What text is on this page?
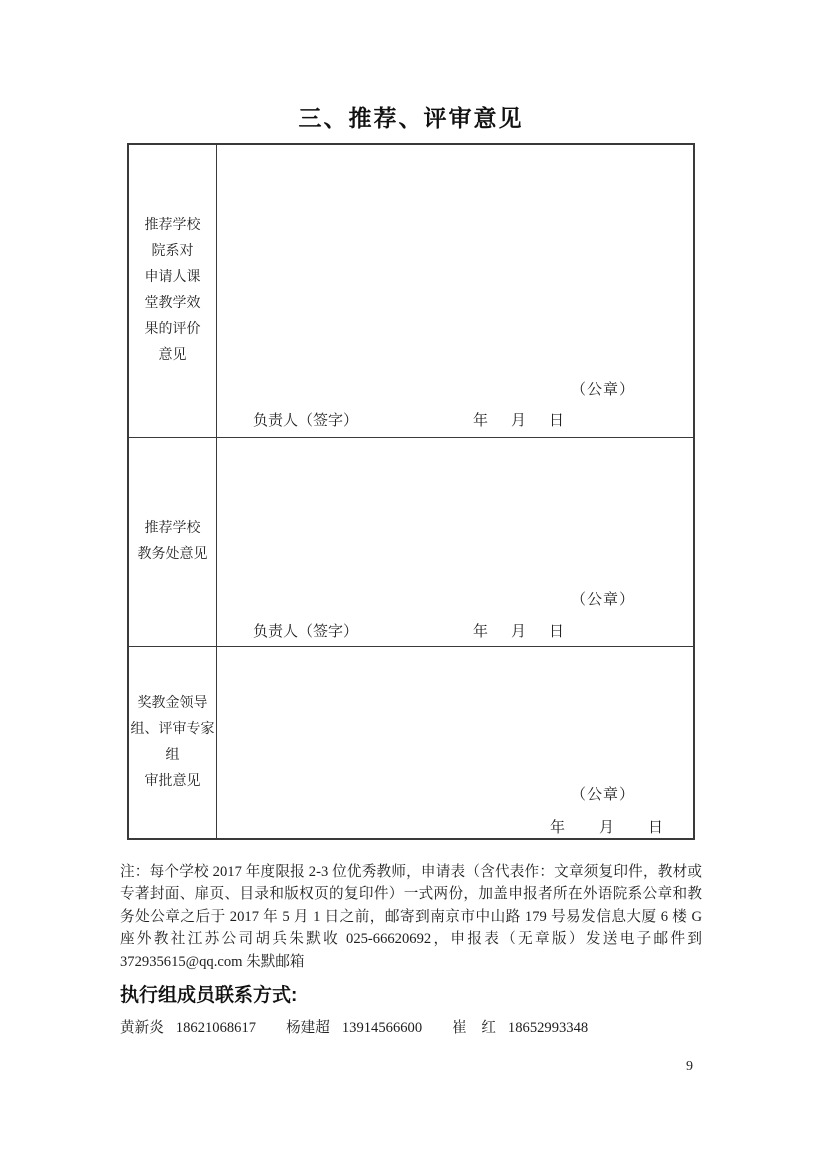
三、推荐、评审意见
推荐学校
院系对
申请人课
堂教学效
果的评价
意见
（公章）
负责人（签字）	年 月 日
推荐学校
教务处意见
（公章）
负责人（签字）	年 月 日
奖教金领导
组、评审专家
组
审批意见
（公章）
年 月 日
注：每个学校 2017 年度限报 2-3 位优秀教师，申请表（含代表作：文章须复印件，教材或
专著封面、扉页、目录和版权页的复印件）一式两份，加盖申报者所在外语院系公章和教
务处公章之后于 2017 年 5 月 1 日之前，邮寄到南京市中山路 179 号易发信息大厦 6 楼 G
座外教社江苏公司胡兵朱默收 025-66620692，申报表（无章版）发送电子邮件到
372935615@qq.com 朱默邮箱
执行组成员联系方式:
黄新炎 18621068617 杨建超 13914566600 崔　红 18652993348
9
